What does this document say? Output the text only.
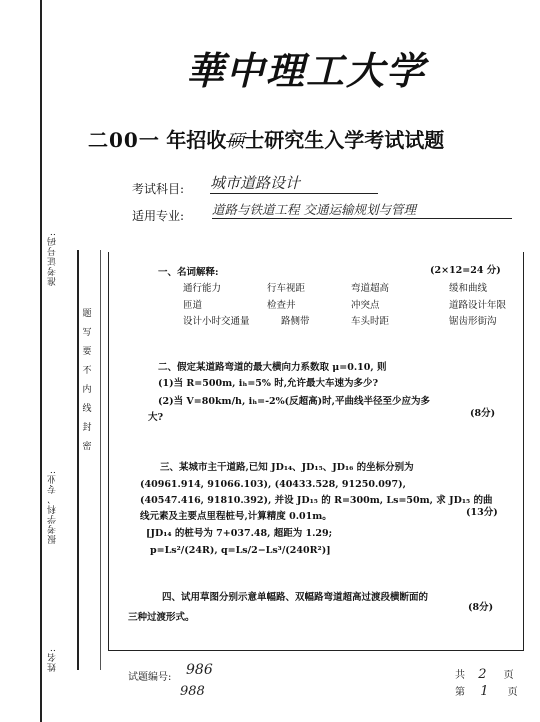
准考证号码:
题
写
要
不
内
线
封
密
报考学科、专业:
姓名:
華中理工大学
二00一 年招收硕士研究生入学考试试题
考试科目: 城市道路设计
适用专业: 道路与铁道工程 交通运输规划与管理
一、名词解释:	(2×12=24 分)
通行能力	行车视距	弯道超高	缓和曲线
匝道	检查井	冲突点	道路设计年限
设计小时交通量	路侧带	车头时距	锯齿形街沟
二、假定某道路弯道的最大横向力系数取 μ=0.10, 则
(1)当 R=500m, iₕ=5% 时,允许最大车速为多少?
(2)当 V=80km/h, iₕ=-2%(反超高)时,平曲线半径至少应为多
大?	(8分)
三、某城市主干道路,已知 JD₁₄、JD₁₅、JD₁₆ 的坐标分别为
(40961.914, 91066.103), (40433.528, 91250.097),
(40547.416, 91810.392), 并设 JD₁₅ 的 R=300m, Ls=50m, 求 JD₁₅ 的曲
线元素及主要点里程桩号,计算精度 0.01m。	(13分)
[JD₁₄ 的桩号为 7+037.48, 超距为 1.29;
p=Ls²/(24R), q=Ls/2−Ls³/(240R²)]
四、试用草图分别示意单幅路、双幅路弯道超高过渡段横断面的
(8分)
三种过渡形式。
试题编号: 986
988
共 2 页
第 1 页
